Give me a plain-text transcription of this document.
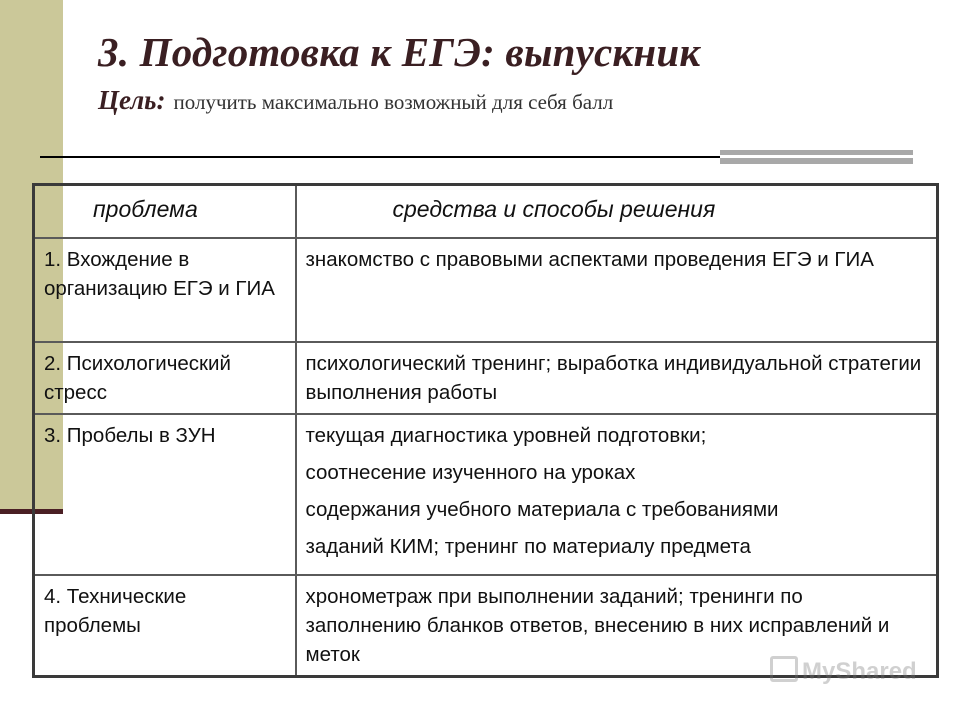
3. Подготовка к ЕГЭ: выпускник
Цель: получить максимально возможный для себя балл
проблема	средства и способы решения
1. Вхождение в организацию ЕГЭ и ГИА	знакомство с правовыми аспектами проведения ЕГЭ и ГИА
2. Психологический стресс	психологический тренинг; выработка индивидуальной стратегии выполнения работы
3. Пробелы в ЗУН	текущая диагностика уровней подготовки;
соотнесение изученного на уроках
содержания учебного материала с требованиями
заданий КИМ; тренинг по материалу предмета

4. Технические проблемы	хронометраж при выполнении заданий; тренинги по заполнению бланков ответов, внесению в них исправлений и меток
MyShared
